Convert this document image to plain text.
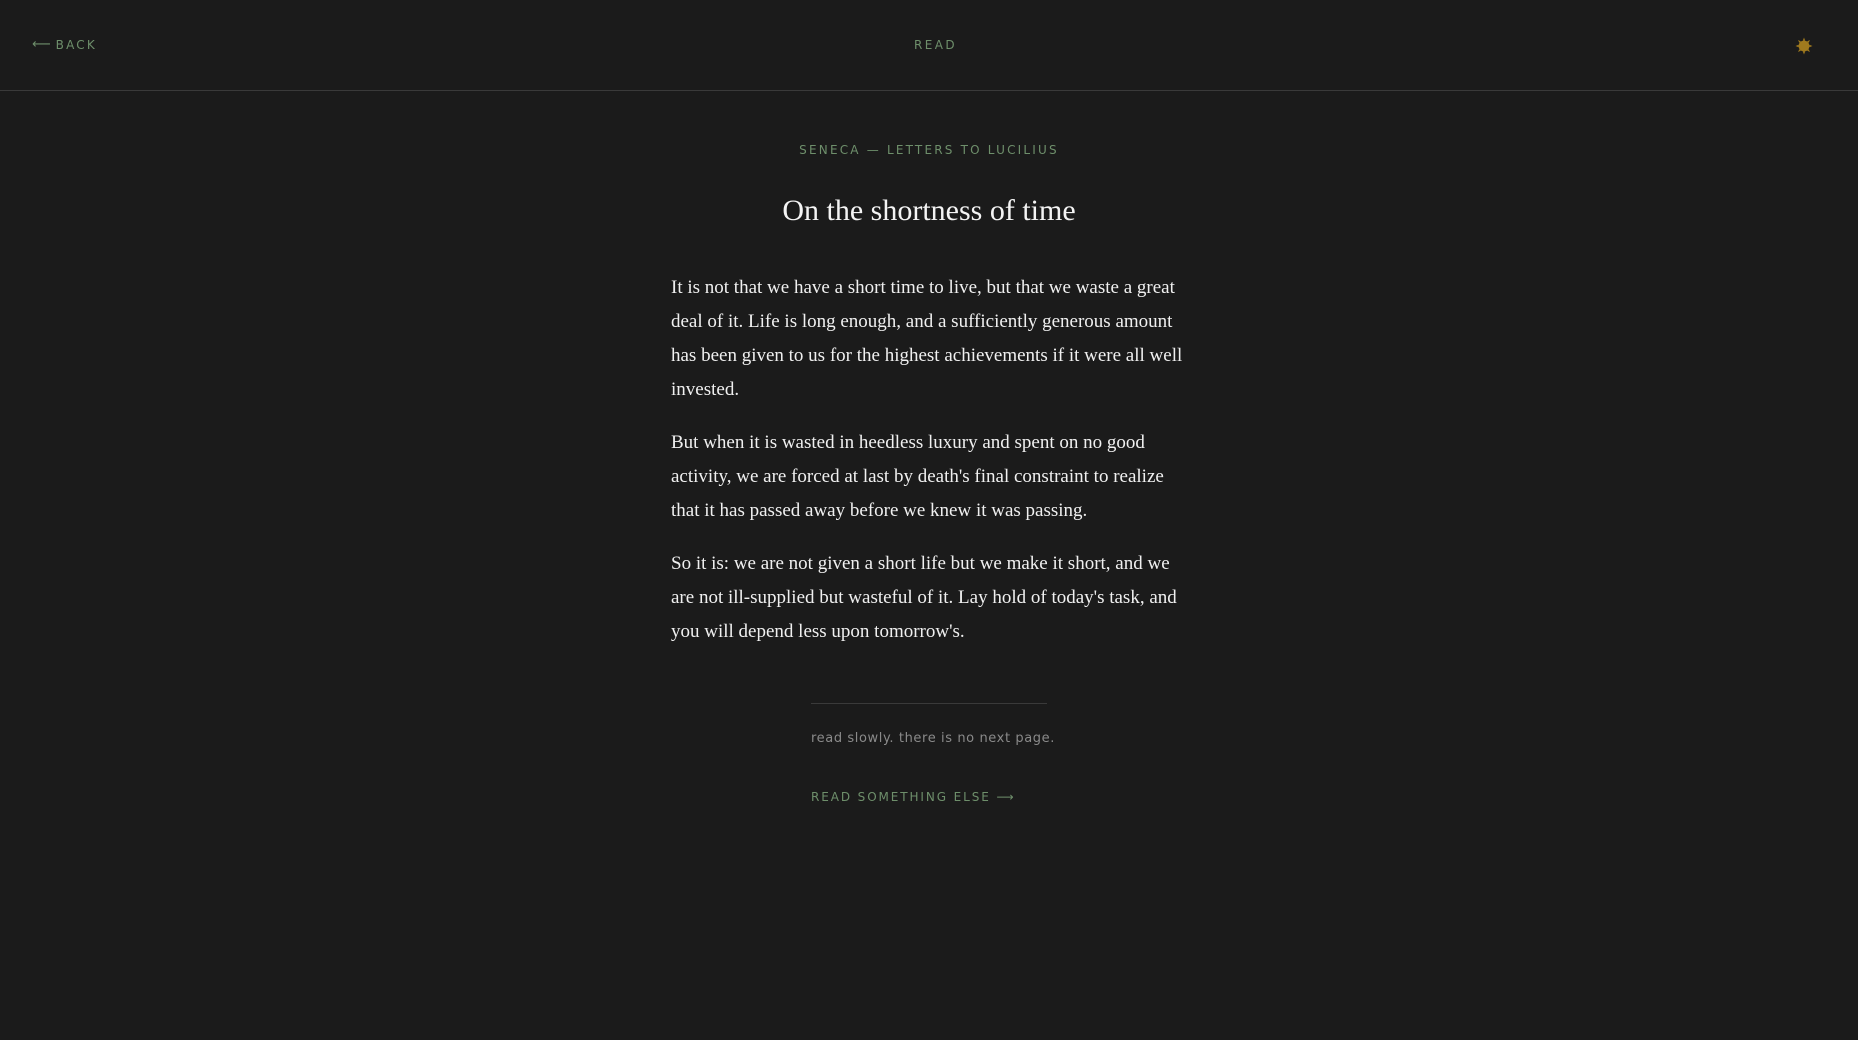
⟵ BACK	READ
SENECA — LETTERS TO LUCILIUS
On the shortness of time

It is not that we have a short time to live, but that we waste a great deal of it. Life is long enough, and a sufficiently generous amount has been given to us for the highest achievements if it were all well invested.

But when it is wasted in heedless luxury and spent on no good activity, we are forced at last by death's final constraint to realize that it has passed away before we knew it was passing.

So it is: we are not given a short life but we make it short, and we are not ill-supplied but wasteful of it. Lay hold of today's task, and you will depend less upon tomorrow's.

read slowly. there is no next page.
READ SOMETHING ELSE ⟶
